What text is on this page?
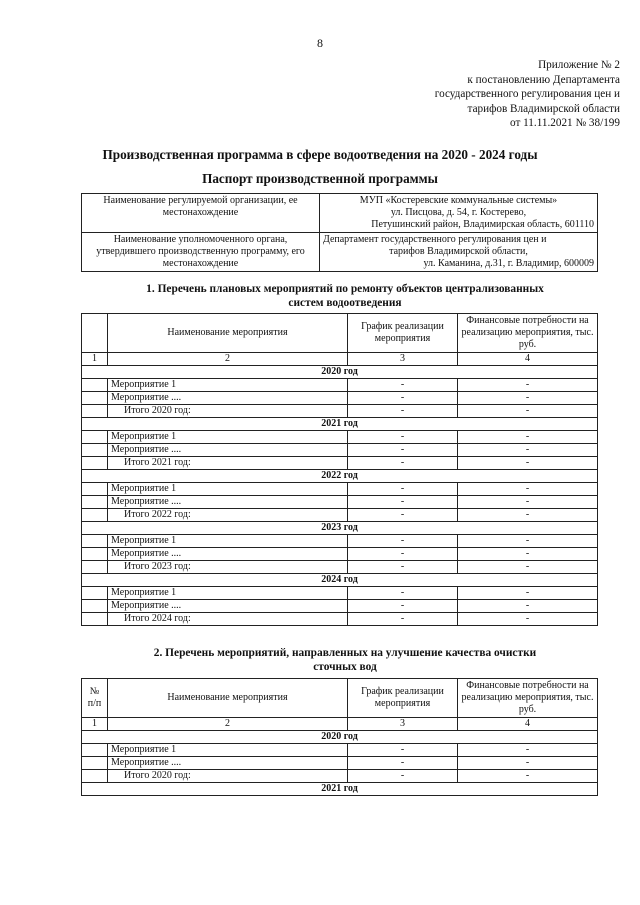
8
Приложение № 2
к постановлению Департамента
государственного регулирования цен и
тарифов Владимирской области
от 11.11.2021 № 38/199
Производственная программа в сфере водоотведения на 2020 - 2024 годы
Паспорт производственной программы
Наименование регулируемой организации, ее местонахождение	МУП «Костеревские коммунальные системы»
ул. Писцова, д. 54, г. Костерево,
Петушинский район, Владимирская область, 601110

Наименование уполномоченного органа, утвердившего производственную программу, его местонахождение	Департамент государственного регулирования цен и
тарифов Владимирской области,
ул. Каманина, д.31, г. Владимир, 600009
1. Перечень плановых мероприятий по ремонту объектов централизованных
систем водоотведения
	Наименование мероприятия	График реализации мероприятия	Финансовые потребности на реализацию мероприятия, тыс. руб.
1	2	3	4
2020 год			
	Мероприятие 1	-	-
	Мероприятие ....	-	-
	Итого 2020 год:	-	-
2021 год			
	Мероприятие 1	-	-
	Мероприятие ....	-	-
	Итого 2021 год:	-	-
2022 год			
	Мероприятие 1	-	-
	Мероприятие ....	-	-
	Итого 2022 год:	-	-
2023 год			
	Мероприятие 1	-	-
	Мероприятие ....	-	-
	Итого 2023 год:	-	-
2024 год			
	Мероприятие 1	-	-
	Мероприятие ....	-	-
	Итого 2024 год:	-	-
2. Перечень мероприятий, направленных на улучшение качества очистки
сточных вод
№ п/п	Наименование мероприятия	График реализации мероприятия	Финансовые потребности на реализацию мероприятия, тыс. руб.
1	2	3	4
2020 год			
	Мероприятие 1	-	-
	Мероприятие ....	-	-
	Итого 2020 год:	-	-
2021 год			
